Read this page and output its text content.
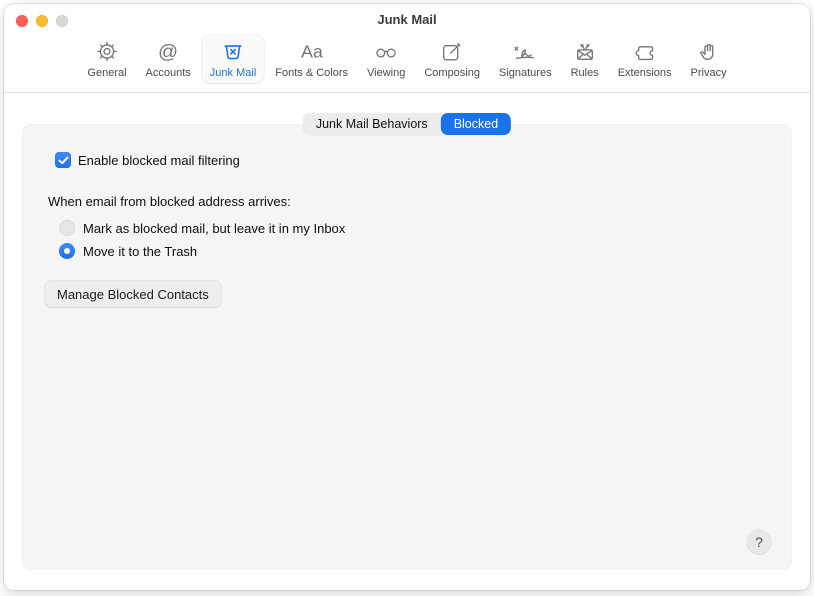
Junk Mail
General
@
Accounts Junk Mail
Aa
Fonts & Colors Viewing Composing Signatures Rules Extensions Privacy
Junk Mail Behaviors	Blocked
Enable blocked mail filtering
When email from blocked address arrives:
Mark as blocked mail, but leave it in my Inbox
Move it to the Trash
Manage Blocked Contacts
?
